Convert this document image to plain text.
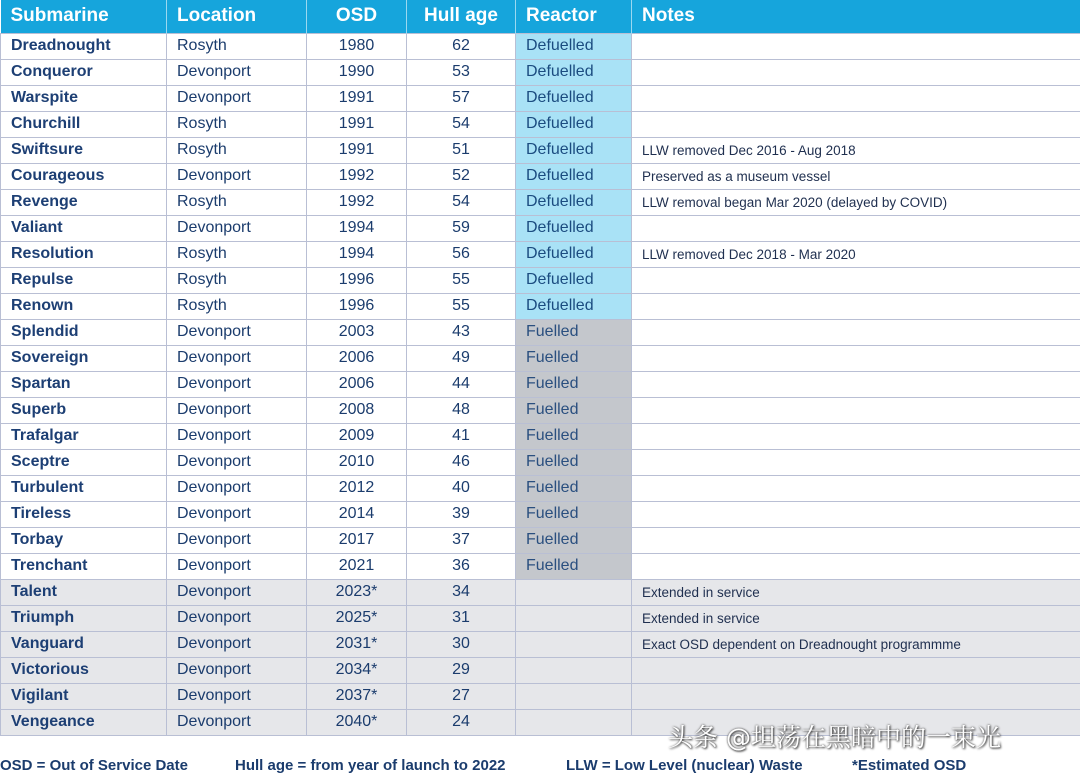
Submarine	Location	OSD	Hull age	Reactor	Notes
Dreadnought	Rosyth	1980	62	Defuelled	
Conqueror	Devonport	1990	53	Defuelled	
Warspite	Devonport	1991	57	Defuelled	
Churchill	Rosyth	1991	54	Defuelled	
Swiftsure	Rosyth	1991	51	Defuelled	LLW removed Dec 2016 - Aug 2018
Courageous	Devonport	1992	52	Defuelled	Preserved as a museum vessel
Revenge	Rosyth	1992	54	Defuelled	LLW removal began Mar 2020 (delayed by COVID)
Valiant	Devonport	1994	59	Defuelled	
Resolution	Rosyth	1994	56	Defuelled	LLW removed Dec 2018 - Mar 2020
Repulse	Rosyth	1996	55	Defuelled	
Renown	Rosyth	1996	55	Defuelled	
Splendid	Devonport	2003	43	Fuelled	
Sovereign	Devonport	2006	49	Fuelled	
Spartan	Devonport	2006	44	Fuelled	
Superb	Devonport	2008	48	Fuelled	
Trafalgar	Devonport	2009	41	Fuelled	
Sceptre	Devonport	2010	46	Fuelled	
Turbulent	Devonport	2012	40	Fuelled	
Tireless	Devonport	2014	39	Fuelled	
Torbay	Devonport	2017	37	Fuelled	
Trenchant	Devonport	2021	36	Fuelled	
Talent	Devonport	2023*	34		Extended in service
Triumph	Devonport	2025*	31		Extended in service
Vanguard	Devonport	2031*	30		Exact OSD dependent on Dreadnought programmme
Victorious	Devonport	2034*	29		
Vigilant	Devonport	2037*	27		
Vengeance	Devonport	2040*	24		
OSD = Out of Service Date	Hull age = from year of launch to 2022	LLW = Low Level (nuclear) Waste	*Estimated OSD
头条 @坦荡在黑暗中的一束光
